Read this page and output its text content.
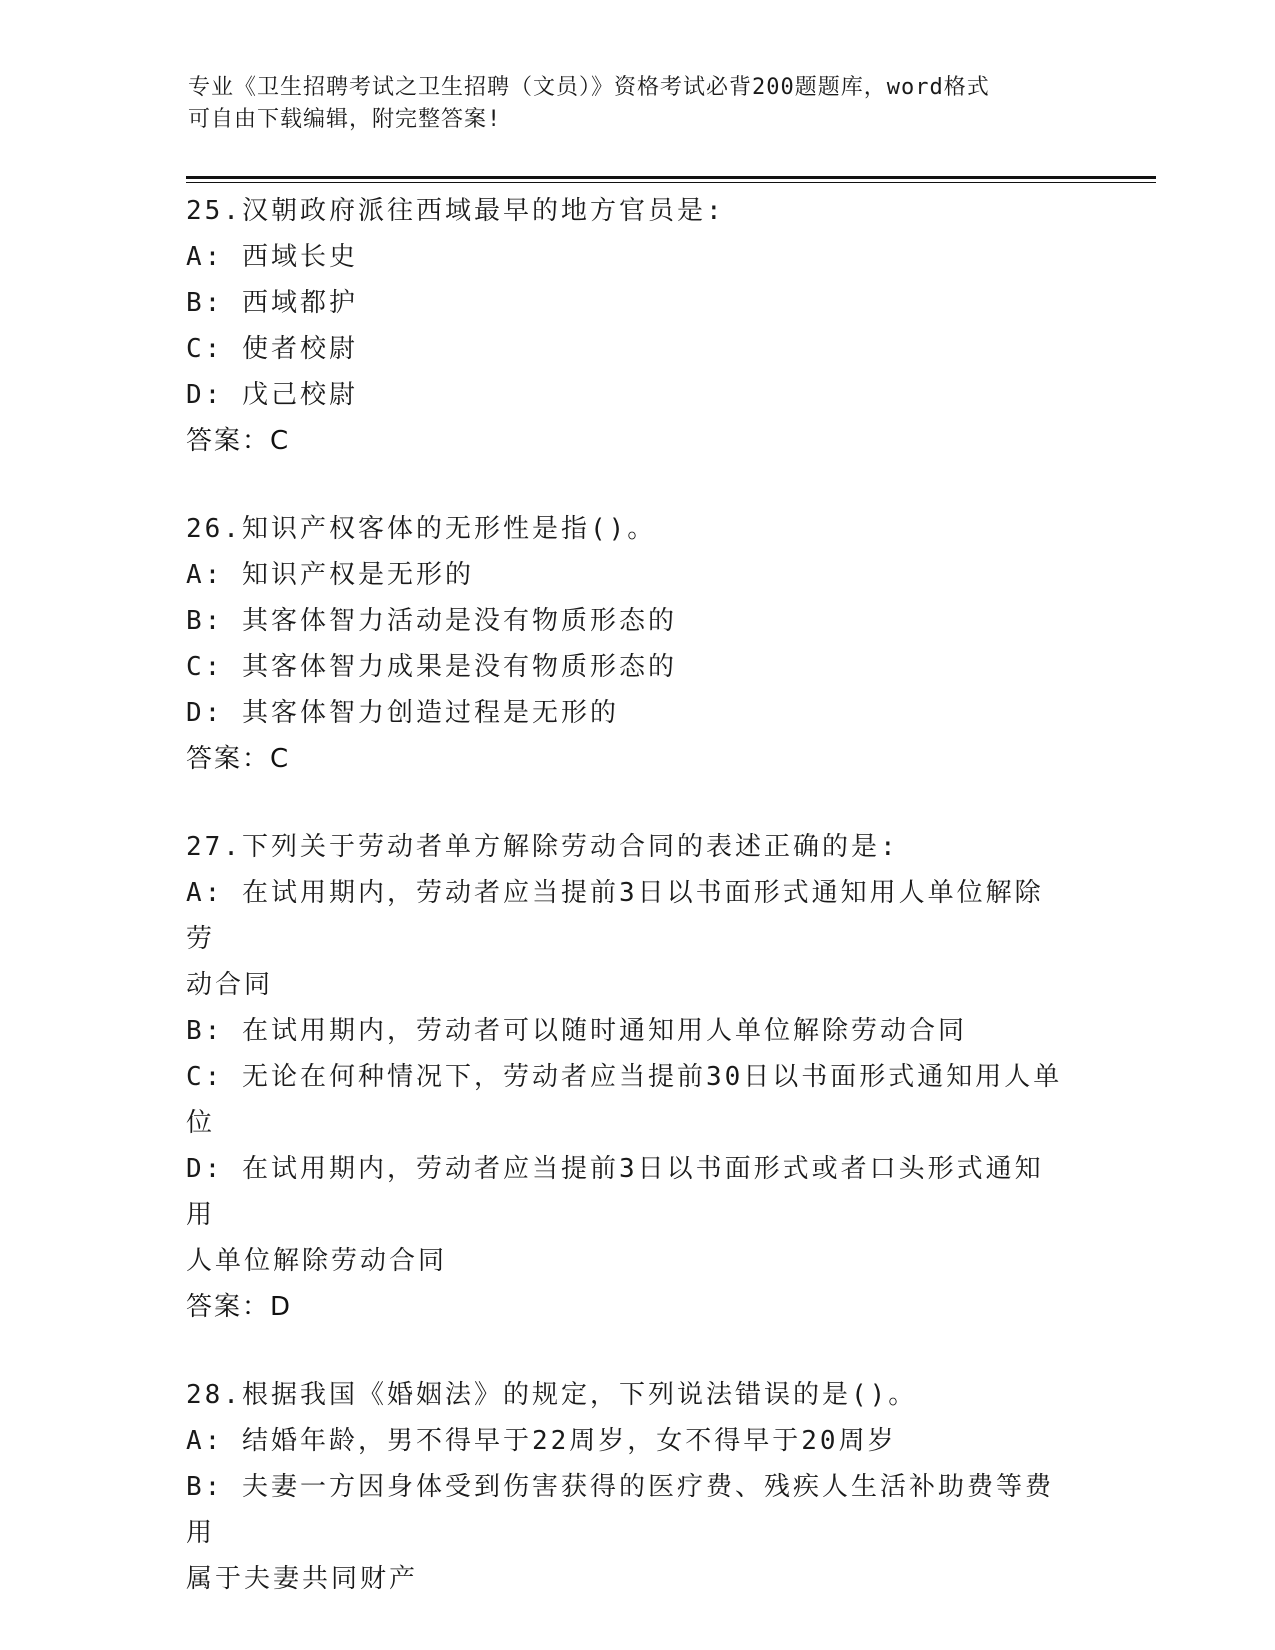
专业《卫生招聘考试之卫生招聘（文员）》资格考试必背200题题库，word格式
可自由下载编辑，附完整答案!
25.汉朝政府派往西域最早的地方官员是:
A: 西域长史
B: 西域都护
C: 使者校尉
D: 戊己校尉
答案：C
26.知识产权客体的无形性是指()。
A: 知识产权是无形的
B: 其客体智力活动是没有物质形态的
C: 其客体智力成果是没有物质形态的
D: 其客体智力创造过程是无形的
答案：C
27.下列关于劳动者单方解除劳动合同的表述正确的是:
A: 在试用期内，劳动者应当提前3日以书面形式通知用人单位解除劳
动合同
B: 在试用期内，劳动者可以随时通知用人单位解除劳动合同
C: 无论在何种情况下，劳动者应当提前30日以书面形式通知用人单
位
D: 在试用期内，劳动者应当提前3日以书面形式或者口头形式通知用
人单位解除劳动合同
答案：D
28.根据我国《婚姻法》的规定，下列说法错误的是()。
A: 结婚年龄，男不得早于22周岁，女不得早于20周岁
B: 夫妻一方因身体受到伤害获得的医疗费、残疾人生活补助费等费用
属于夫妻共同财产
